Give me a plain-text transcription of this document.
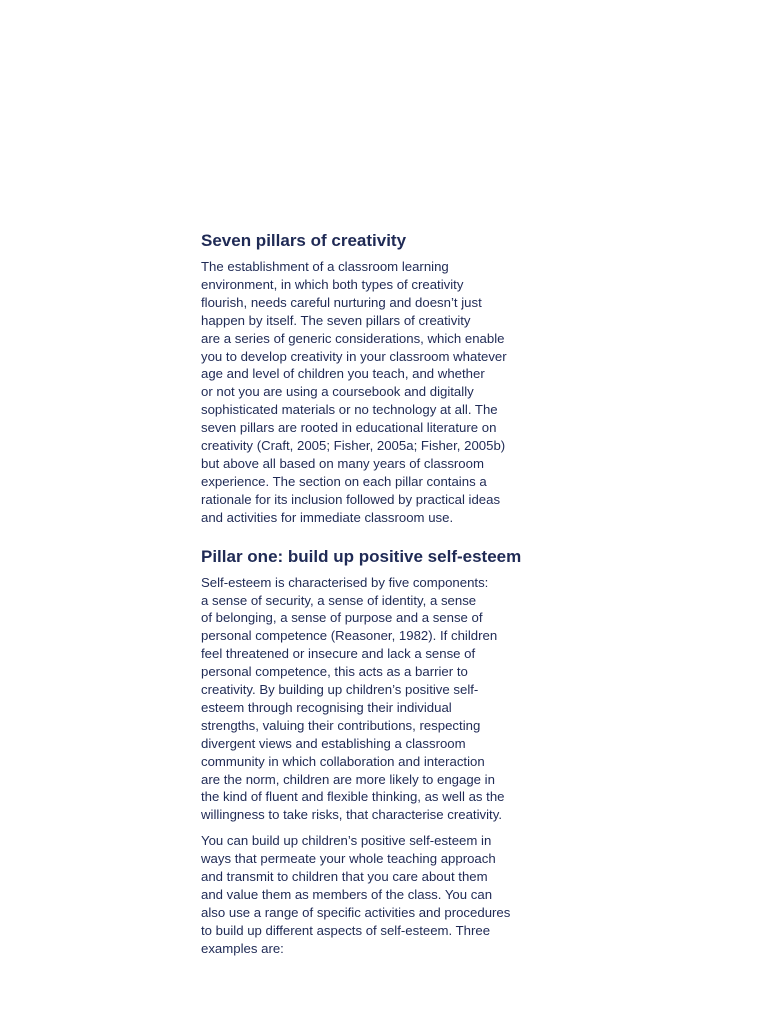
Seven pillars of creativity

The establishment of a classroom learning
environment, in which both types of creativity
flourish, needs careful nurturing and doesn’t just
happen by itself. The seven pillars of creativity
are a series of generic considerations, which enable
you to develop creativity in your classroom whatever
age and level of children you teach, and whether
or not you are using a coursebook and digitally
sophisticated materials or no technology at all. The
seven pillars are rooted in educational literature on
creativity (Craft, 2005; Fisher, 2005a; Fisher, 2005b)
but above all based on many years of classroom
experience. The section on each pillar contains a
rationale for its inclusion followed by practical ideas
and activities for immediate classroom use.

Pillar one: build up positive self-esteem

Self-esteem is characterised by five components:
a sense of security, a sense of identity, a sense
of belonging, a sense of purpose and a sense of
personal competence (Reasoner, 1982). If children
feel threatened or insecure and lack a sense of
personal competence, this acts as a barrier to
creativity. By building up children’s positive self-
esteem through recognising their individual
strengths, valuing their contributions, respecting
divergent views and establishing a classroom
community in which collaboration and interaction
are the norm, children are more likely to engage in
the kind of fluent and flexible thinking, as well as the
willingness to take risks, that characterise creativity.

You can build up children’s positive self-esteem in
ways that permeate your whole teaching approach
and transmit to children that you care about them
and value them as members of the class. You can
also use a range of specific activities and procedures
to build up different aspects of self-esteem. Three
examples are:
